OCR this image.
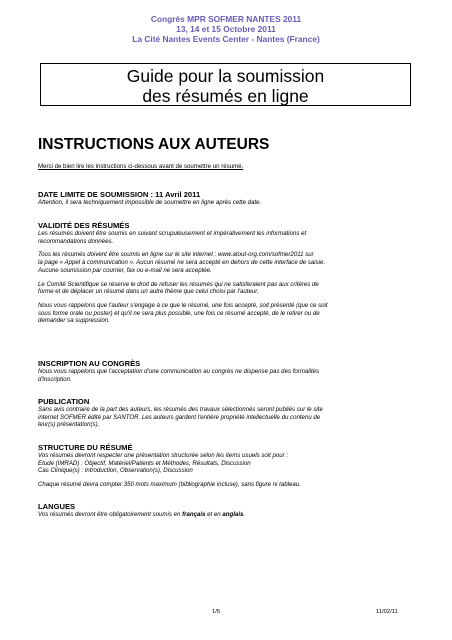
Congrès MPR SOFMER NANTES 2011
13, 14 et 15 Octobre 2011
La Cité Nantes Events Center - Nantes (France)
Guide pour la soumission
des résumés en ligne
INSTRUCTIONS AUX AUTEURS
Merci de bien lire les instructions ci-dessous avant de soumettre un résumé.
DATE LIMITE DE SOUMISSION : 11 Avril 2011

Attention, il sera techniquement impossible de soumettre en ligne après cette date.

VALIDITÉ DES RÉSUMÉS

Les résumés doivent être soumis en suivant scrupuleusement et impérativement les informations et

recommandations données.

Tous les résumés doivent être soumis en ligne sur le site internet : www.atout-org.com/sofmer2011 sur

la page « Appel à communication ». Aucun résumé ne sera accepté en dehors de cette interface de saisie.

Aucune soumission par courrier, fax ou e-mail ne sera acceptée.

Le Comité Scientifique se réserve le droit de refuser les résumés qui ne satisferaient pas aux critères de

forme et de déplacer un résumé dans un autre thème que celui choisi par l'auteur.

Nous vous rappelons que l'auteur s'engage à ce que le résumé, une fois accepté, soit présenté (que ce soit

sous forme orale ou poster) et qu'il ne sera plus possible, une fois ce résumé accepté, de le retirer ou de

demander sa suppression.

INSCRIPTION AU CONGRÈS

Nous vous rappelons que l'acceptation d'une communication au congrès ne dispense pas des formalités

d'inscription.

PUBLICATION

Sans avis contraire de la part des auteurs, les résumés des travaux sélectionnés seront publiés sur le site

internet SOFMER édité par SANTOR. Les auteurs gardent l'entière propriété intellectuelle du contenu de

leur(s) présentation(s).

STRUCTURE DU RÉSUMÉ

Vos résumés devront respecter une présentation structurée selon les items usuels soit pour :

Etude (IMRAD) : Objectif, Matériel/Patients et Méthodes, Résultats, Discussion

Cas Clinique(s) : Introduction, Observation(s), Discussion

Chaque résumé devra compter 350 mots maximum (bibliographie incluse), sans figure ni tableau.

LANGUES

Vos résumés devront être obligatoirement soumis en français et en anglais.

1/5	11/02/11
